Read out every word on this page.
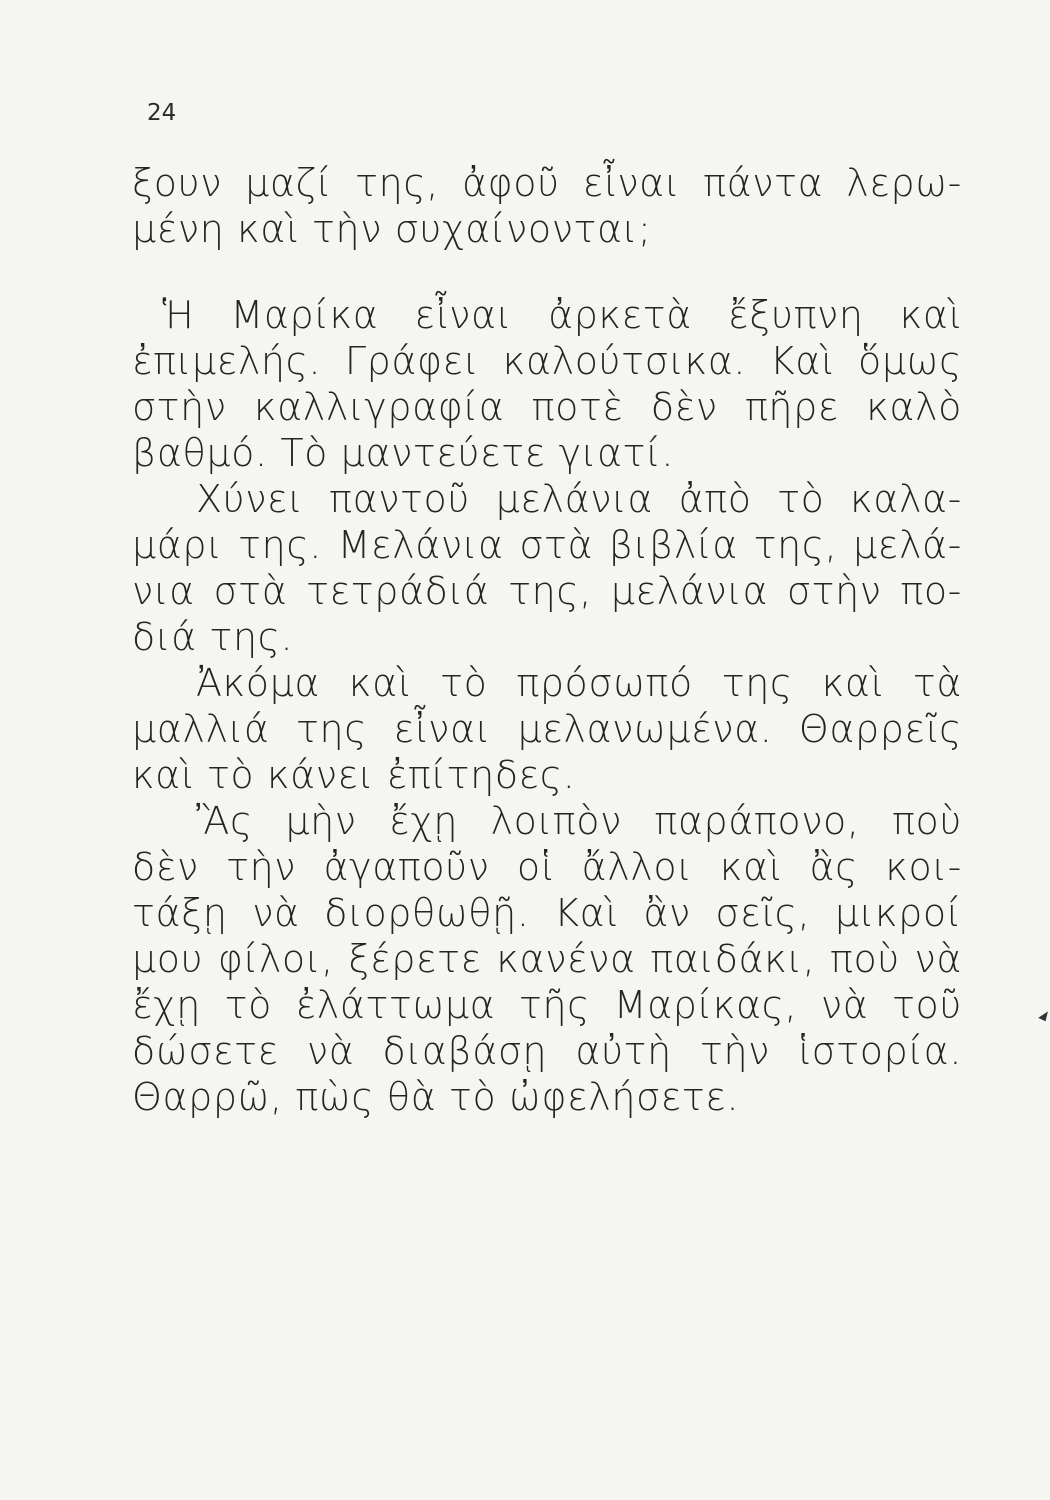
24
ξουν μαζί της, ἀφοῦ εἶναι πάντα λερω-
μένη καὶ τὴν συχαίνονται;
Ἡ Μαρίκα εἶναι ἀρκετὰ ἔξυπνη καὶ
ἐπιμελής. Γράφει καλούτσικα. Καὶ ὅμως
στὴν καλλιγραφία ποτὲ δὲν πῆρε καλὸ
βαθμό. Τὸ μαντεύετε γιατί.
Χύνει παντοῦ μελάνια ἀπὸ τὸ καλα-
μάρι της. Μελάνια στὰ βιβλία της, μελά-
νια στὰ τετράδιά της, μελάνια στὴν πο-
διά της.
Ἀκόμα καὶ τὸ πρόσωπό της καὶ τὰ
μαλλιά της εἶναι μελανωμένα. Θαρρεῖς
καὶ τὸ κάνει ἐπίτηδες.
Ἂς μὴν ἔχῃ λοιπὸν παράπονο, ποὺ
δὲν τὴν ἀγαποῦν οἱ ἄλλοι καὶ ἂς κοι-
τάξῃ νὰ διορθωθῇ. Καὶ ἂν σεῖς, μικροί
μου φίλοι, ξέρετε κανένα παιδάκι, ποὺ νὰ
ἔχῃ τὸ ἐλάττωμα τῆς Μαρίκας, νὰ τοῦ
δώσετε νὰ διαβάσῃ αὐτὴ τὴν ἱστορία.
Θαρρῶ, πὼς θὰ τὸ ὠφελήσετε.
